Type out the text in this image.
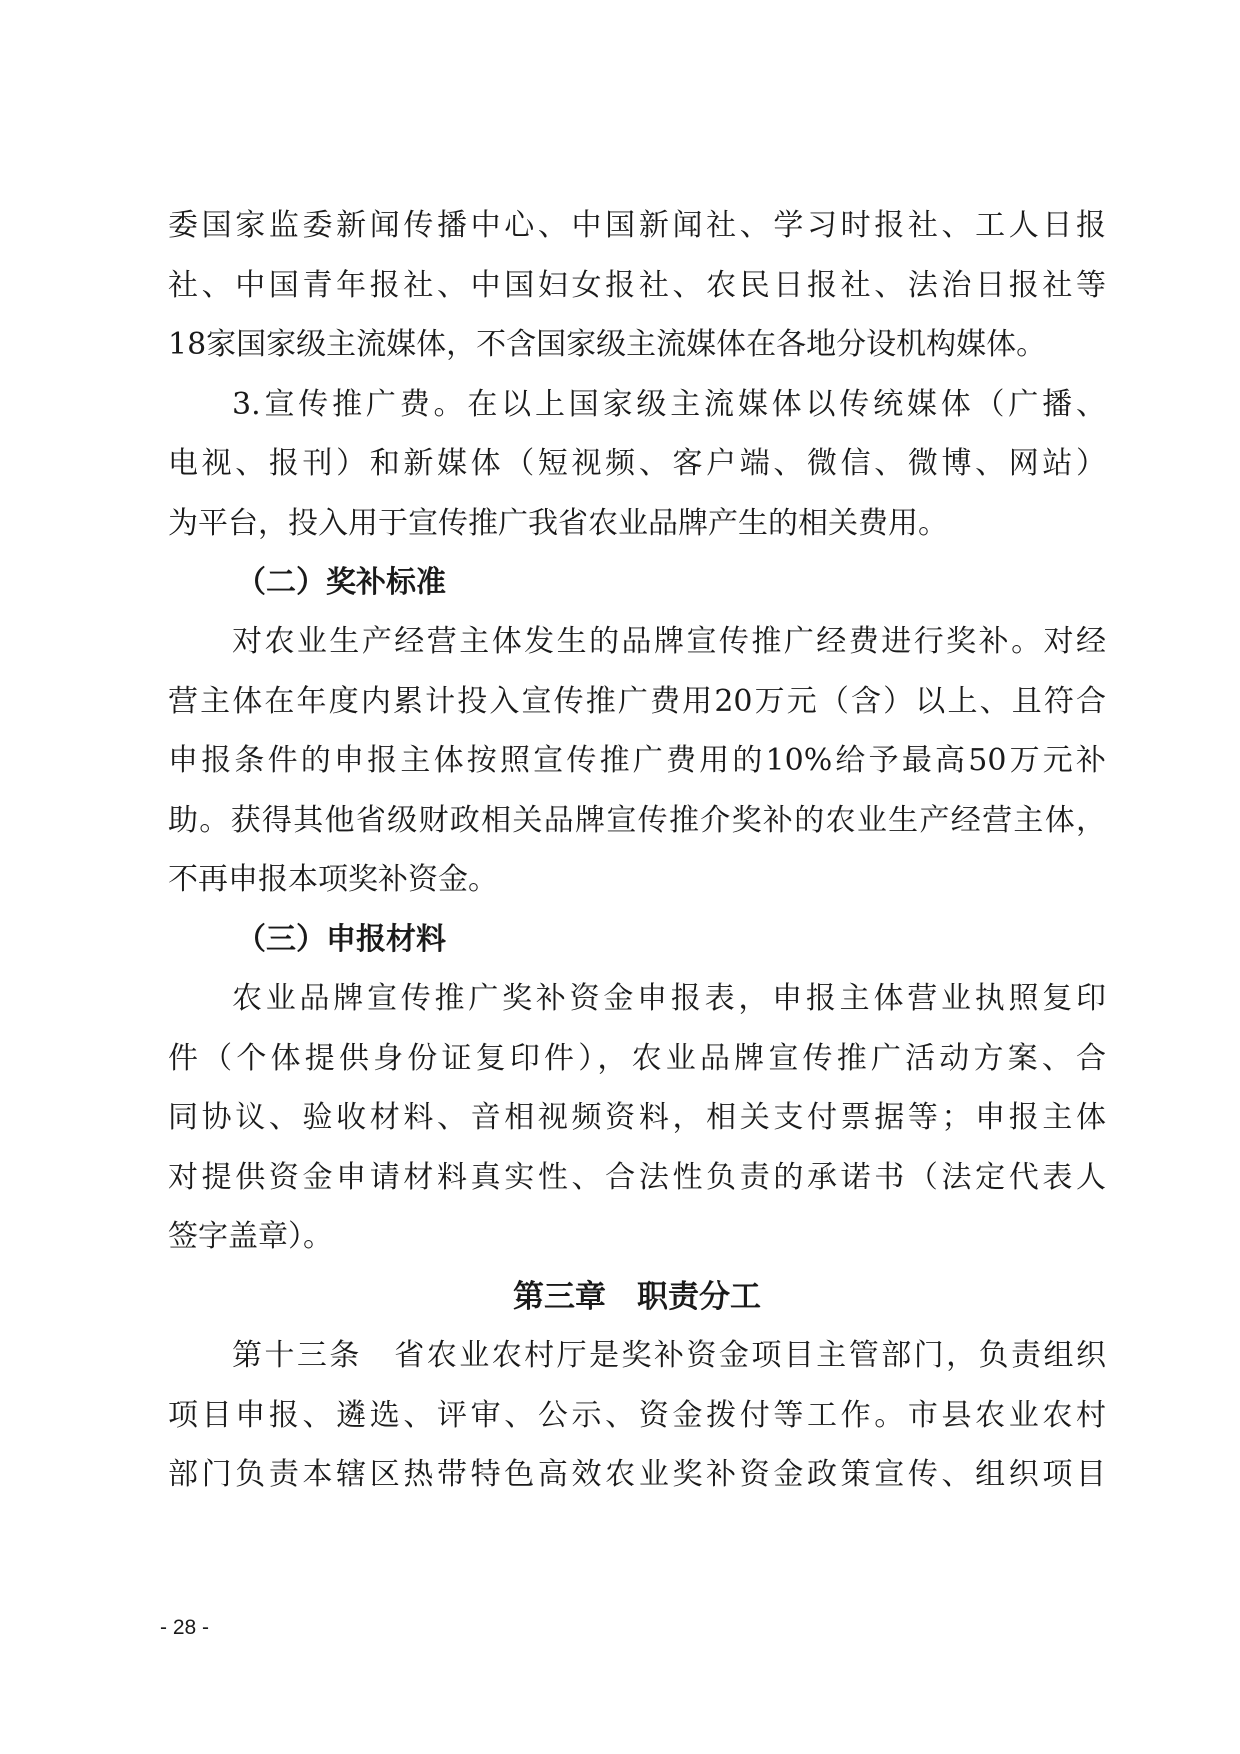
委国家监委新闻传播中心、中国新闻社、学习时报社、工人日报
社、中国青年报社、中国妇女报社、农民日报社、法治日报社等
18家国家级主流媒体，不含国家级主流媒体在各地分设机构媒体。
3.宣传推广费。在以上国家级主流媒体以传统媒体（广播、
电视、报刊）和新媒体（短视频、客户端、微信、微博、网站）
为平台，投入用于宣传推广我省农业品牌产生的相关费用。
（二）奖补标准
对农业生产经营主体发生的品牌宣传推广经费进行奖补。对经
营主体在年度内累计投入宣传推广费用20万元（含）以上、且符合
申报条件的申报主体按照宣传推广费用的10%给予最高50万元补
助。获得其他省级财政相关品牌宣传推介奖补的农业生产经营主体，
不再申报本项奖补资金。
（三）申报材料
农业品牌宣传推广奖补资金申报表，申报主体营业执照复印
件（个体提供身份证复印件），农业品牌宣传推广活动方案、合
同协议、验收材料、音相视频资料，相关支付票据等；申报主体
对提供资金申请材料真实性、合法性负责的承诺书（法定代表人
签字盖章）。
第三章　职责分工
第十三条　省农业农村厅是奖补资金项目主管部门，负责组织
项目申报、遴选、评审、公示、资金拨付等工作。市县农业农村
部门负责本辖区热带特色高效农业奖补资金政策宣传、组织项目
- 28 -
